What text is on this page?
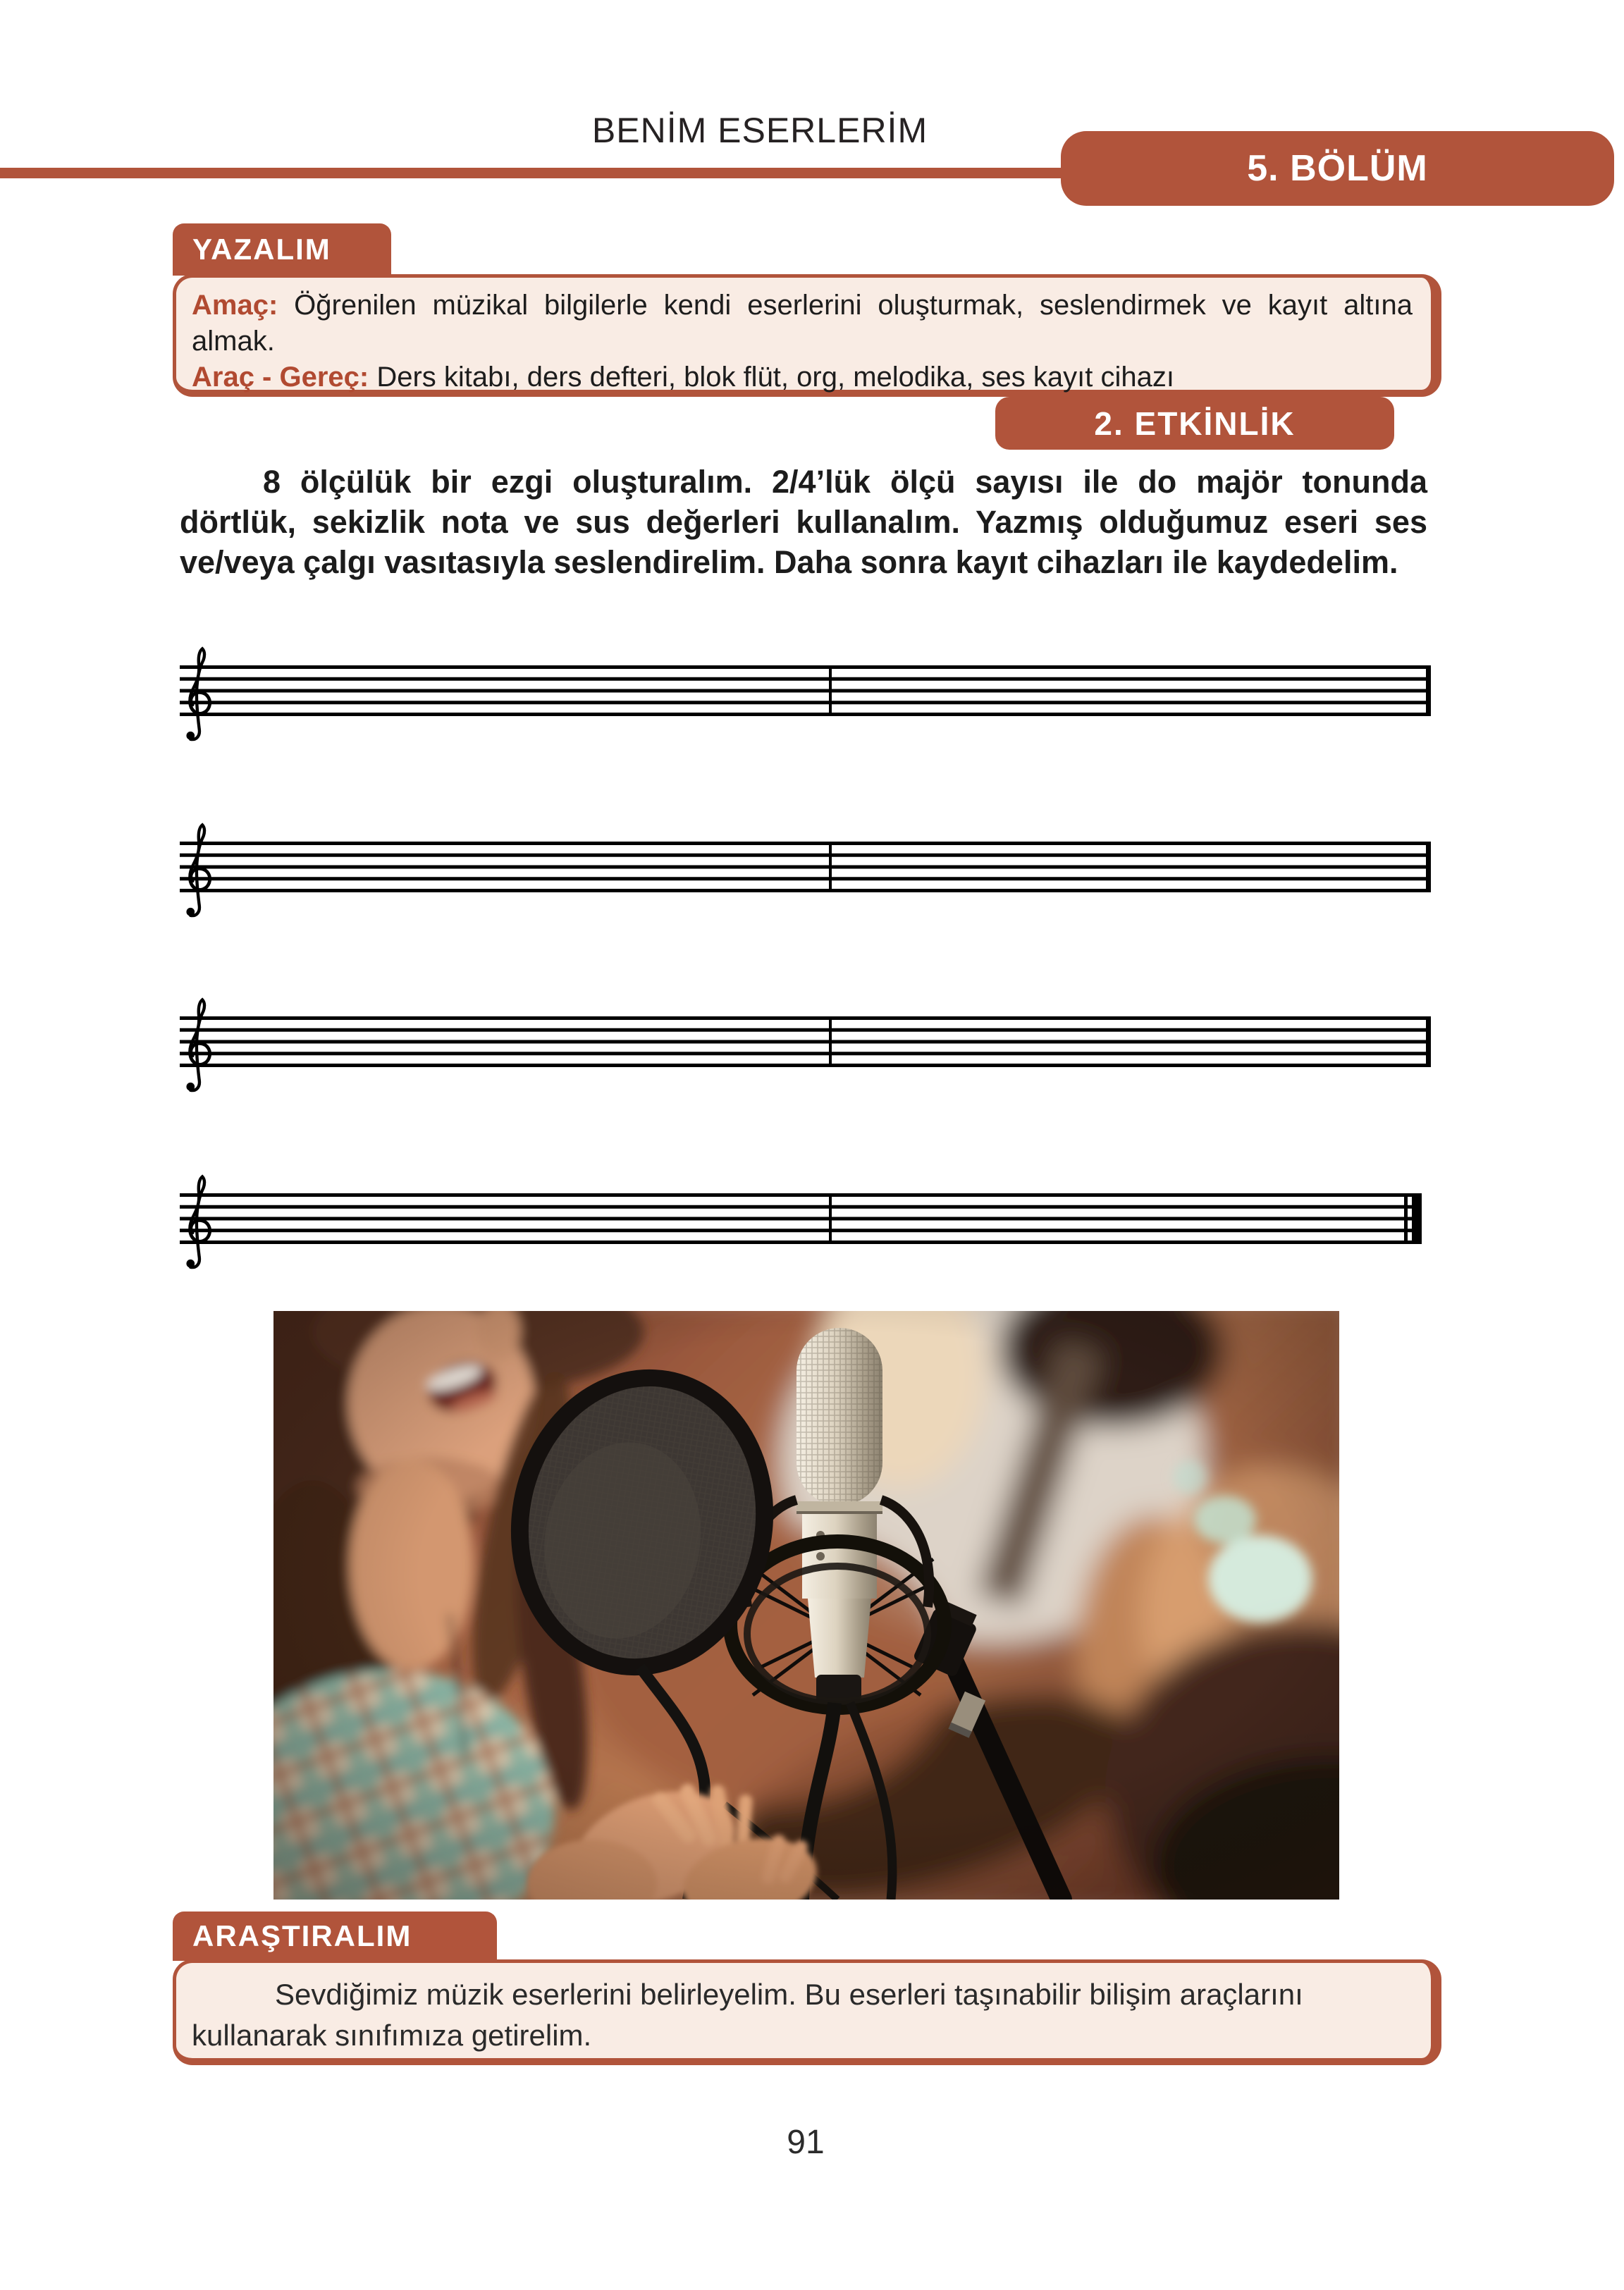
BENİM ESERLERİM
5. BÖLÜM
YAZALIM

Amaç: Öğrenilen müzikal bilgilerle kendi eserlerini oluşturmak, seslendirmek ve kayıt altına almak.

Araç - Gereç: Ders kitabı, ders defteri, blok flüt, org, melodika, ses kayıt cihazı

2. ETKİNLİK

8 ölçülük bir ezgi oluşturalım. 2/4’lük ölçü sayısı ile do majör tonunda dörtlük, sekizlik nota ve sus değerleri kullanalım. Yazmış olduğumuz eseri ses ve/veya çalgı vasıtasıyla seslendirelim. Daha sonra kayıt cihazları ile kaydedelim.

ARAŞTIRALIM

Sevdiğimiz müzik eserlerini belirleyelim. Bu eserleri taşınabilir bilişim araçlarını kullanarak sınıfımıza getirelim.

91
